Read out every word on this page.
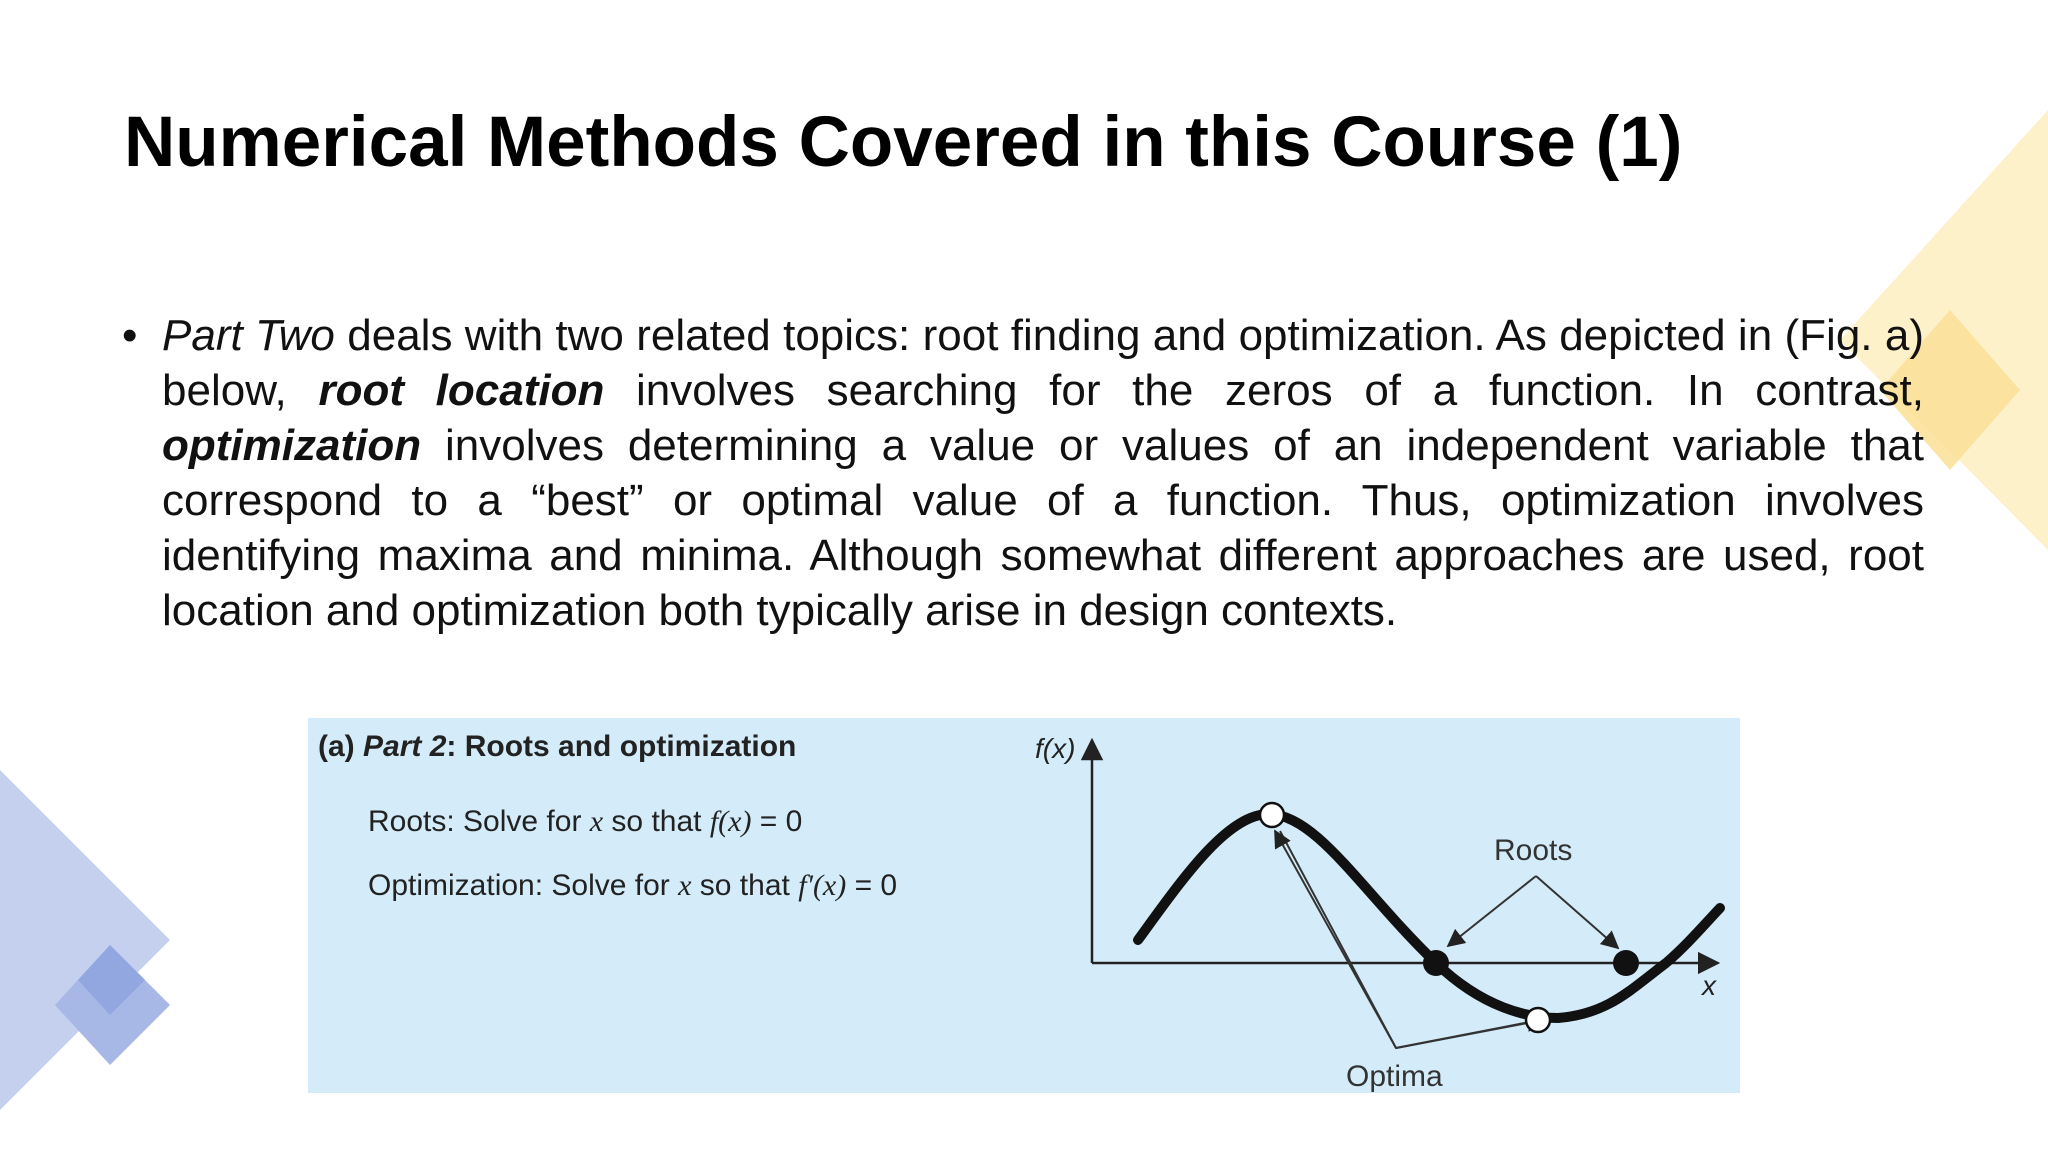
Numerical Methods Covered in this Course (1)
• Part Two deals with two related topics: root finding and optimization. As depicted in (Fig. a) below, root location involves searching for the zeros of a function. In contrast, optimization involves determining a value or values of an independent variable that correspond to a “best” or optimal value of a function. Thus, optimization involves identifying maxima and minima. Although somewhat different approaches are used, root location and optimization both typically arise in design contexts.

(a) Part 2: Roots and optimization
Roots: Solve for x so that f(x) = 0
Optimization: Solve for x so that f'(x) = 0
f(x)
x
Roots
Optima
